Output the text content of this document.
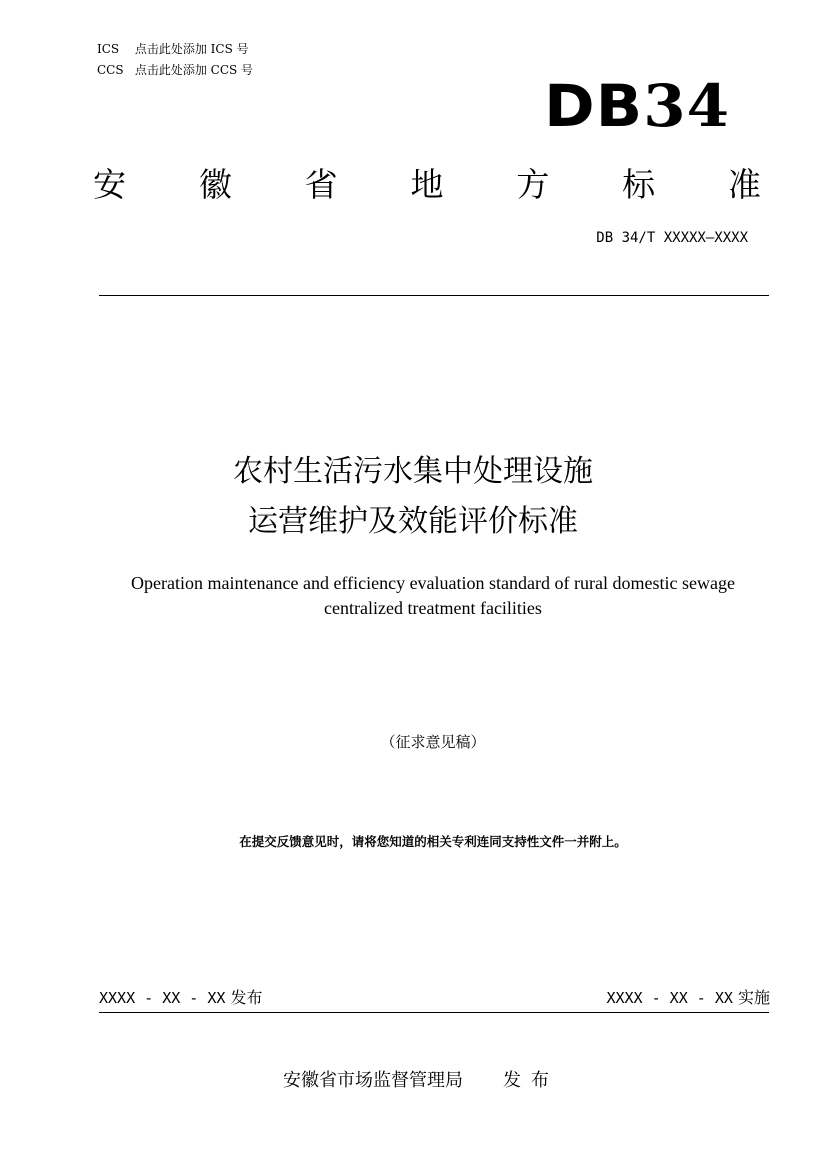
ICS 点击此处添加 ICS 号
CCS 点击此处添加 CCS 号
DB34
安 徽 省 地 方 标 准
DB 34/T XXXXX—XXXX
农村生活污水集中处理设施
运营维护及效能评价标准
Operation maintenance and efficiency evaluation standard of rural domestic sewage
centralized treatment facilities
（征求意见稿）
在提交反馈意见时，请将您知道的相关专利连同支持性文件一并附上。
XXXX - XX - XX 发布	XXXX - XX - XX 实施
安徽省市场监督管理局 发布
